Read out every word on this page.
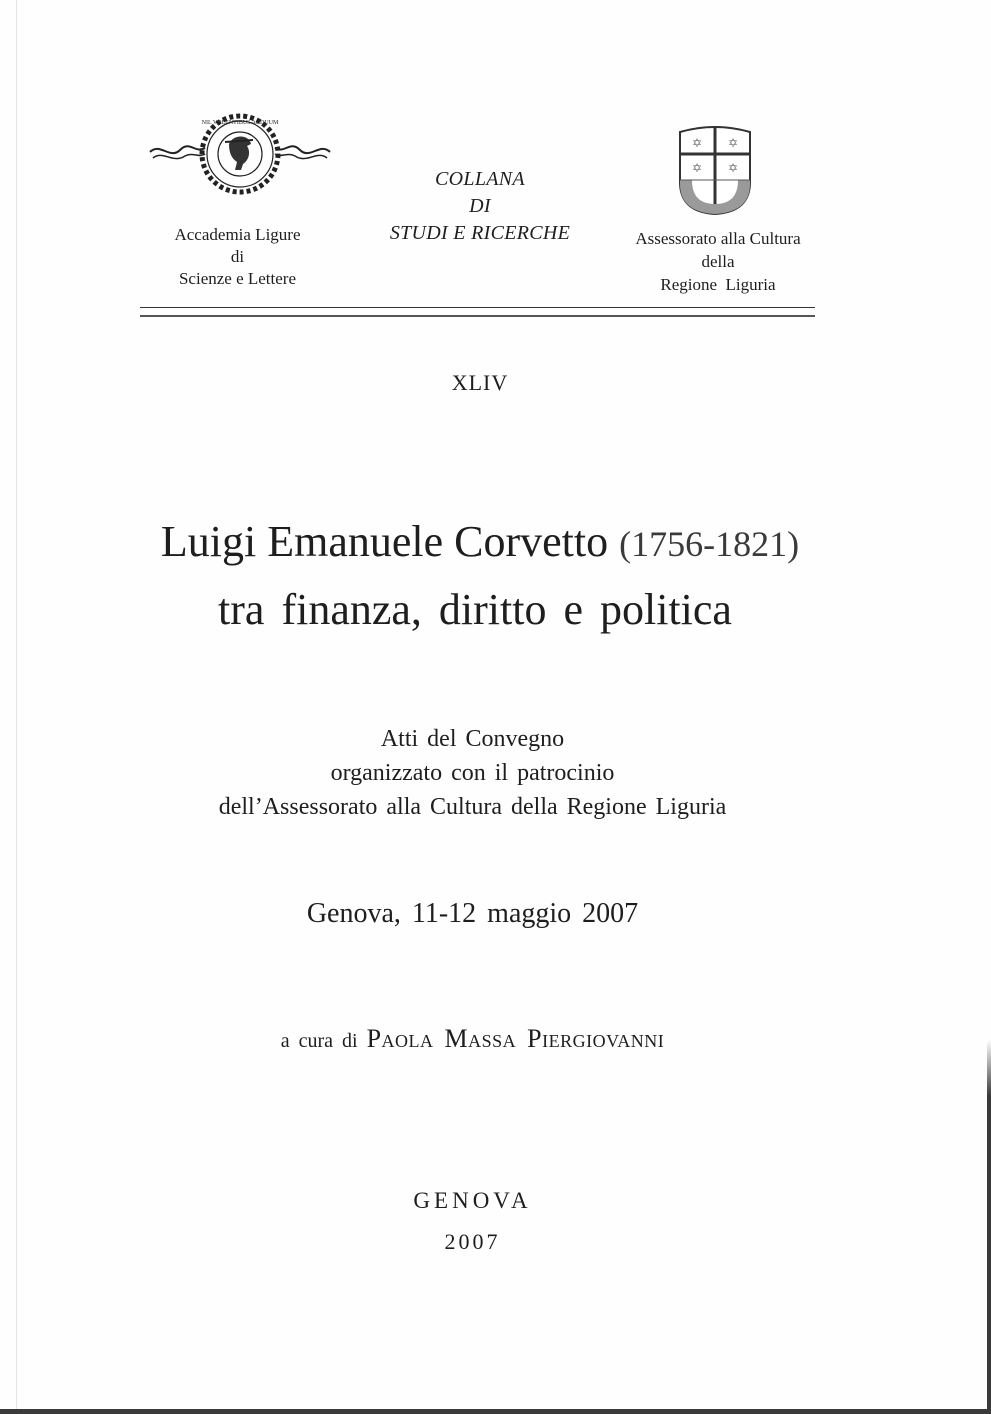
NIL VOLENTIBUS ARDUUM
Accademia Ligure
di
Scienze e Lettere
COLLANA
DI
STUDI E RICERCHE
✡ ✡
✡ ✡
Assessorato alla Cultura
della
Regione  Liguria
XLIV
Luigi Emanuele Corvetto (1756-1821)
tra finanza, diritto e politica
Atti del Convegno
organizzato con il patrocinio
dell’Assessorato alla Cultura della Regione Liguria
Genova, 11-12 maggio 2007
a cura di Paola Massa Piergiovanni
GENOVA
2007
